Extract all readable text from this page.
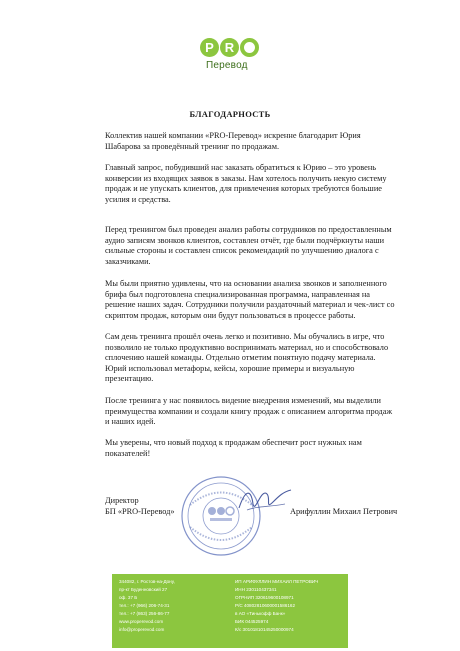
P R
Перевод
БЛАГОДАРНОСТЬ

Коллектив нашей компании «PRO-Перевод» искренне благодарит Юрия Шабарова за проведённый тренинг по продажам.

Главный запрос, побудивший нас заказать обратиться к Юрию – это уровень конверсии из входящих заявок в заказы. Нам хотелось получить некую систему продаж и не упускать клиентов, для привлечения которых требуются большие усилия и средства.

Перед тренингом был проведен анализ работы сотрудников по предоставленным аудио записям звонков клиентов, составлен отчёт, где были подчёркнуты наши сильные стороны и составлен список рекомендаций по улучшению диалога с заказчиками.

Мы были приятно удивлены, что на основании анализа звонков и заполненного брифа был подготовлена специализированная программа, направленная на решение наших задач. Сотрудники получили раздаточный материал и чек-лист со скриптом продаж, которым они будут пользоваться в процессе работы.

Сам день тренинга прошёл очень легко и позитивно. Мы обучались в игре, что позволило не только продуктивно воспринимать материал, но и способствовало сплочению нашей команды. Отдельно отметим понятную подачу материала. Юрий использовал метафоры, кейсы, хорошие примеры и визуальную презентацию.

После тренинга у нас появилось видение внедрения изменений, мы выделили преимущества компании и создали книгу продаж с описанием алгоритма продаж и наших идей.

Мы уверены, что новый подход к продажам обеспечит рост нужных нам показателей!

Директор
БП «PRO-Перевод»	Арифуллин Михаил Петрович
344082, г. Ростов-на-Дону,
пр-кт Буденновский 27
оф. 37 Б
тел.: +7 (966) 206-74-31
тел.: +7 (863) 256-86-77
www.properevod.com
info@properevod.com
ИП АРИФУЛЛИН МИХАИЛ ПЕТРОВИЧ
ИНН 230110437341
ОГРНИП 320619600108971
Р/С 40802810600001586162
в АО «Тинькофф Банк»
БИК 044525974
К/с 30101810145250000974
